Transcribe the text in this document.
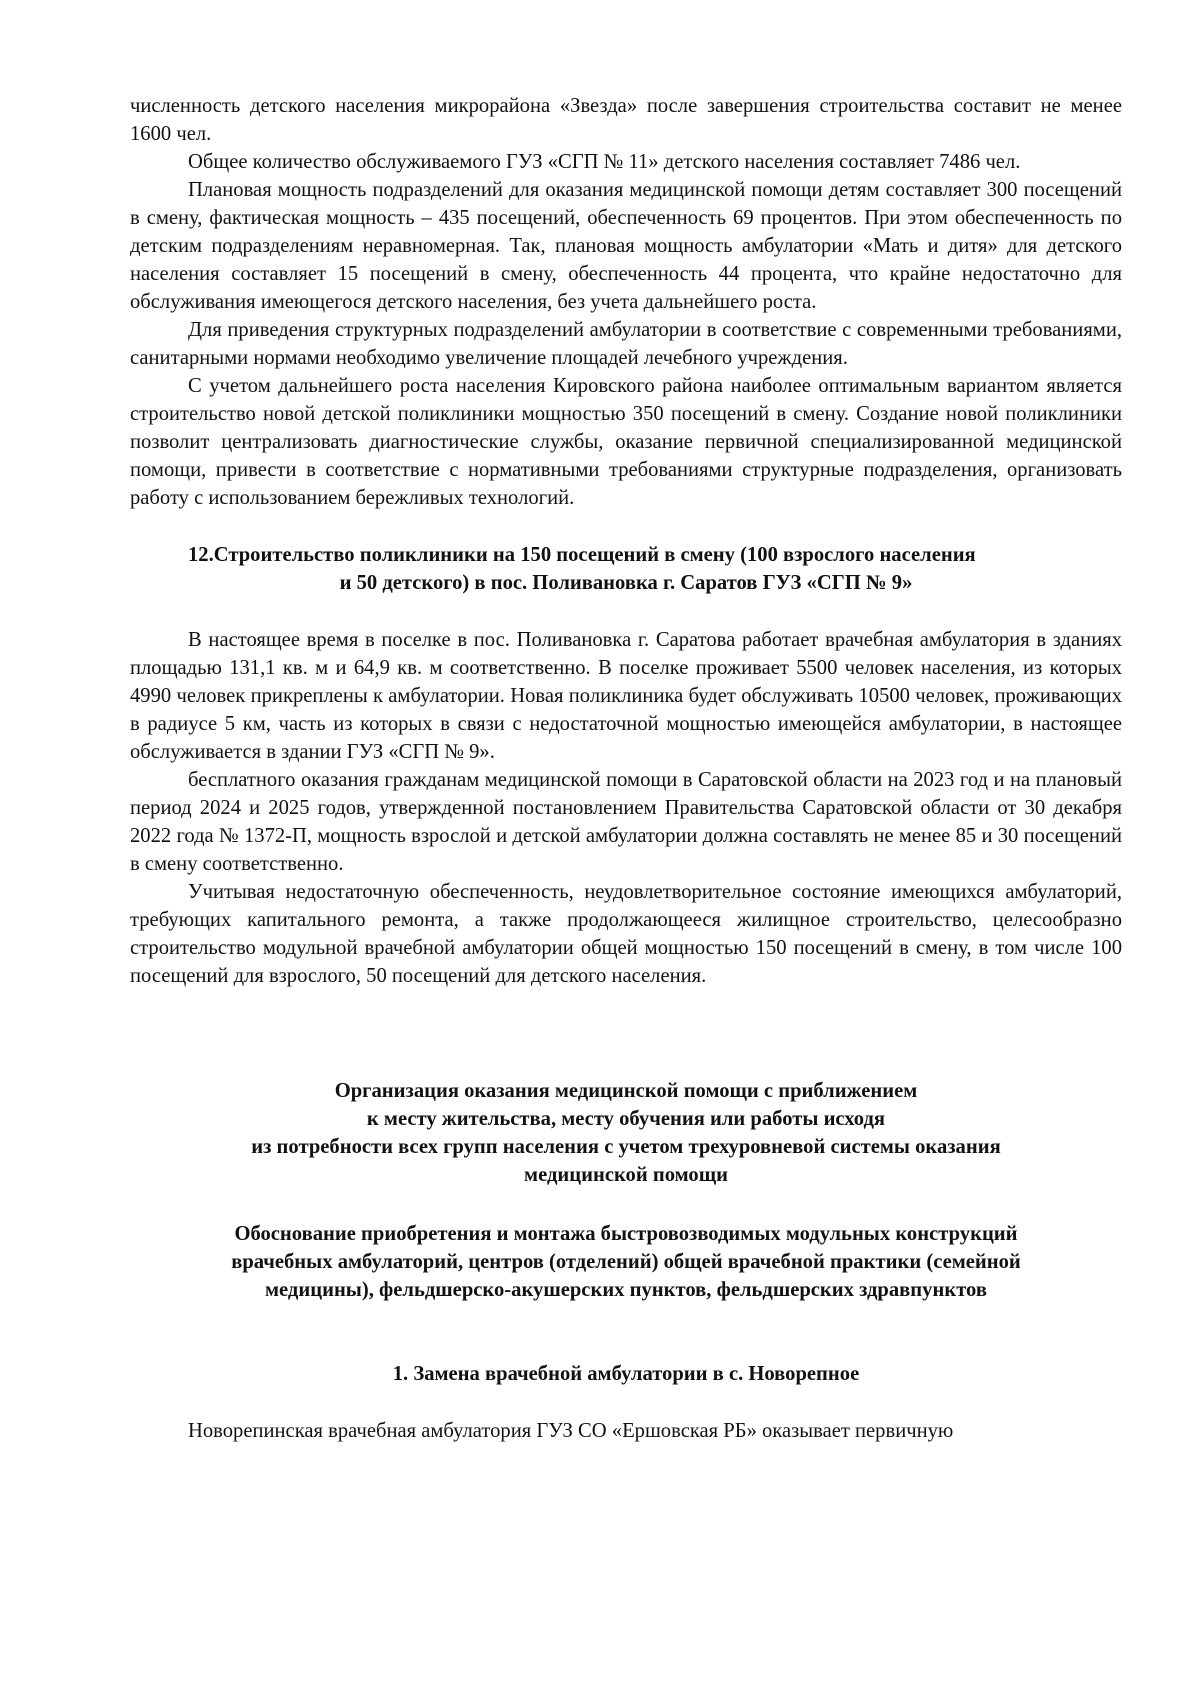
численность детского населения микрорайона «Звезда» после завершения строительства составит не менее 1600 чел.

Общее количество обслуживаемого ГУЗ «СГП № 11» детского населения составляет 7486 чел.

Плановая мощность подразделений для оказания медицинской помощи детям составляет 300 посещений в смену, фактическая мощность – 435 посещений, обеспеченность 69 процентов. При этом обеспеченность по детским подразделениям неравномерная. Так, плановая мощность амбулатории «Мать и дитя» для детского населения составляет 15 посещений в смену, обеспеченность 44 процента, что крайне недостаточно для обслуживания имеющегося детского населения, без учета дальнейшего роста.

Для приведения структурных подразделений амбулатории в соответствие с современными требованиями, санитарными нормами необходимо увеличение площадей лечебного учреждения.

С учетом дальнейшего роста населения Кировского района наиболее оптимальным вариантом является строительство новой детской поликлиники мощностью 350 посещений в смену. Создание новой поликлиники позволит централизовать диагностические службы, оказание первичной специализированной медицинской помощи, привести в соответствие с нормативными требованиями структурные подразделения, организовать работу с использованием бережливых технологий.

12.Строительство поликлиники на 150 посещений в смену (100 взрослого населения
и 50 детского) в пос. Поливановка г. Саратов ГУЗ «СГП № 9»

В настоящее время в поселке в пос. Поливановка г. Саратова работает врачебная амбулатория в зданиях площадью 131,1 кв. м и 64,9 кв. м соответственно. В поселке проживает 5500 человек населения, из которых 4990 человек прикреплены к амбулатории. Новая поликлиника будет обслуживать 10500 человек, проживающих в радиусе 5 км, часть из которых в связи с недостаточной мощностью имеющейся амбулатории, в настоящее обслуживается в здании ГУЗ «СГП № 9».

бесплатного оказания гражданам медицинской помощи в Саратовской области на 2023 год и на плановый период 2024 и 2025 годов, утвержденной постановлением Правительства Саратовской области от 30 декабря 2022 года № 1372-П, мощность взрослой и детской амбулатории должна составлять не менее 85 и 30 посещений в смену соответственно.

Учитывая недостаточную обеспеченность, неудовлетворительное состояние имеющихся амбулаторий, требующих капитального ремонта, а также продолжающееся жилищное строительство, целесообразно строительство модульной врачебной амбулатории общей мощностью 150 посещений в смену, в том числе 100 посещений для взрослого, 50 посещений для детского населения.

Организация оказания медицинской помощи с приближением
к месту жительства, месту обучения или работы исходя
из потребности всех групп населения с учетом трехуровневой системы оказания
медицинской помощи
Обоснование приобретения и монтажа быстровозводимых модульных конструкций
врачебных амбулаторий, центров (отделений) общей врачебной практики (семейной
медицины), фельдшерско-акушерских пунктов, фельдшерских здравпунктов
1. Замена врачебной амбулатории в с. Новорепное

Новорепинская врачебная амбулатория ГУЗ СО «Ершовская РБ» оказывает первичную
